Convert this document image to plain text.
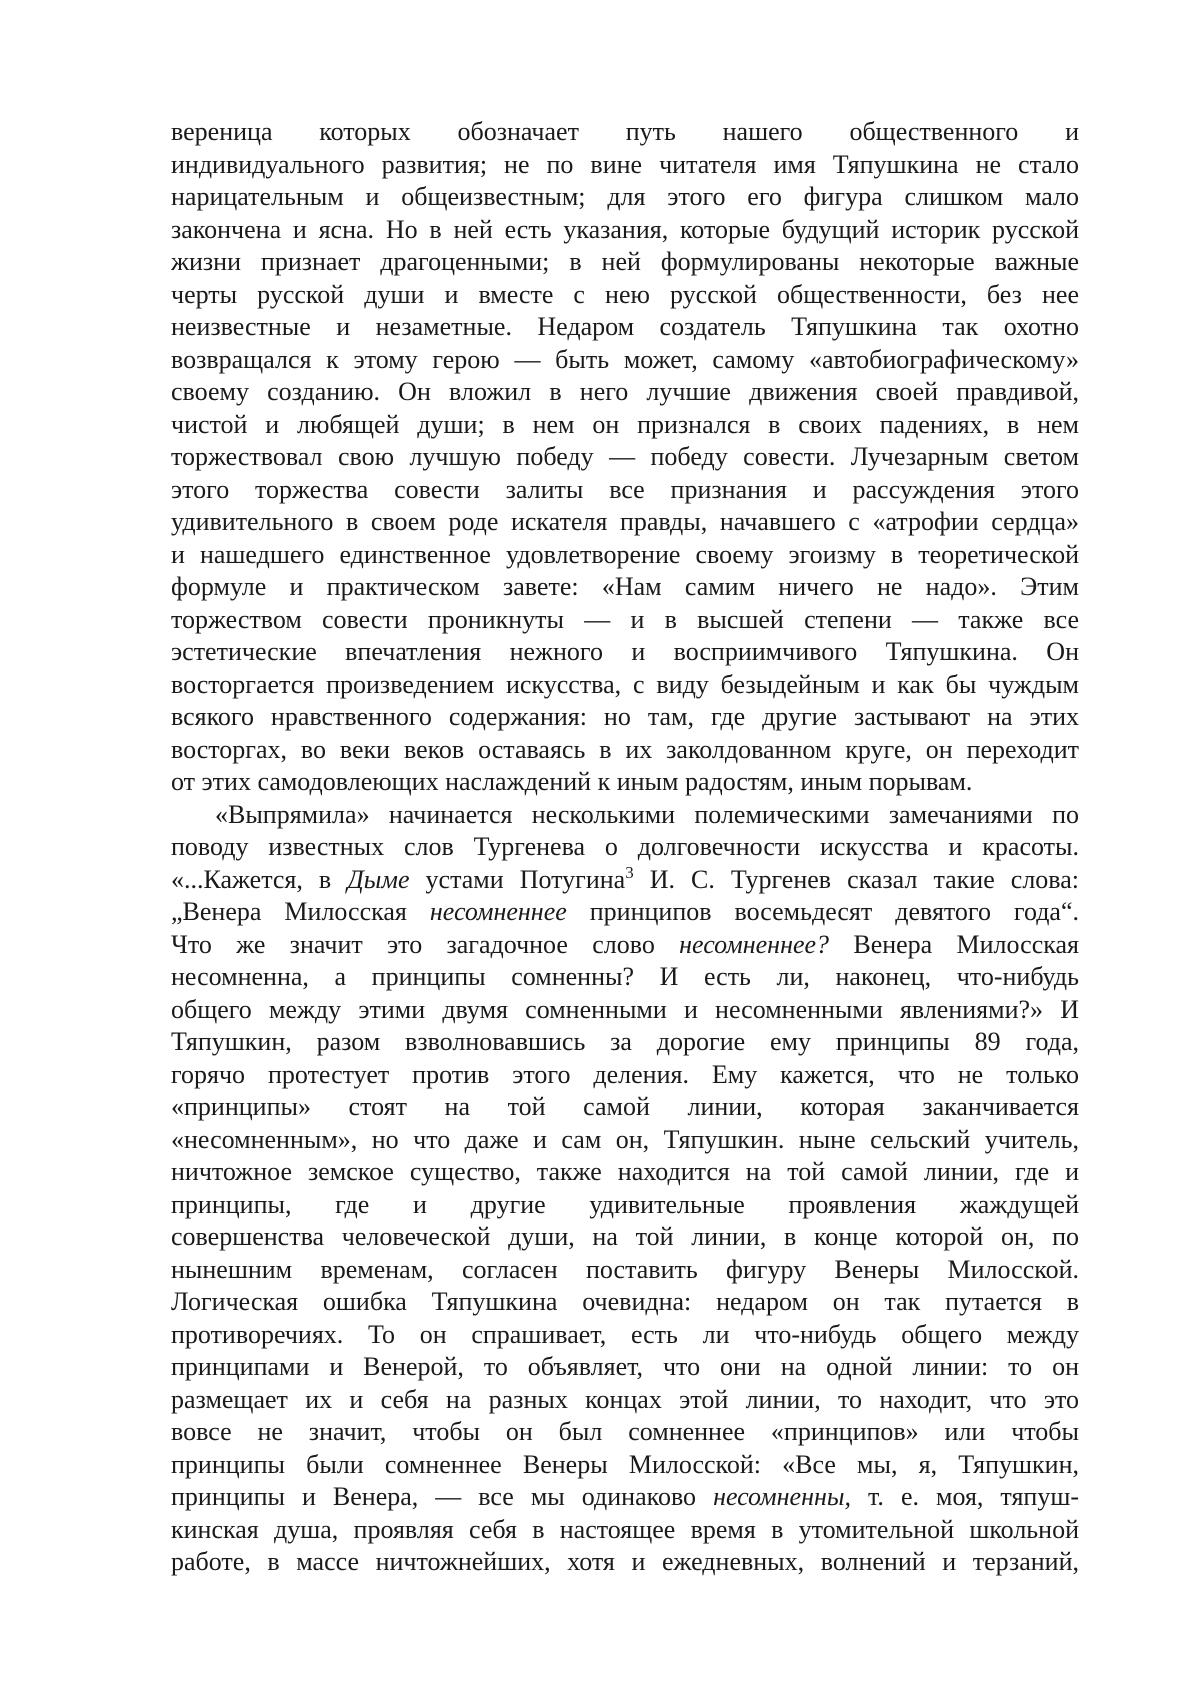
вереница которых обозначает путь нашего общественного и
индивидуального развития; не по вине читателя имя Тяпушкина не стало
нарицательным и общеизвестным; для этого его фигура слишком мало
закончена и ясна. Но в ней есть указания, которые будущий историк русской
жизни признает драгоценными; в ней формулированы некоторые важные
черты русской души и вместе с нею русской общественности, без нее
неизвестные и незаметные. Недаром создатель Тяпушкина так охотно
возвращался к этому герою — быть может, самому «автобиографическому»
своему созданию. Он вложил в него лучшие движения своей правдивой,
чистой и любящей души; в нем он признался в своих падениях, в нем
торжествовал свою лучшую победу — победу совести. Лучезарным светом
этого торжества совести залиты все признания и рассуждения этого
удивительного в своем роде искателя правды, начавшего с «атрофии сердца»
и нашедшего единственное удовлетворение своему эгоизму в теоретической
формуле и практическом завете: «Нам самим ничего не надо». Этим
торжеством совести проникнуты — и в высшей степени — также все
эстетические впечатления нежного и восприимчивого Тяпушкина. Он
восторгается произведением искусства, с виду безыдейным и как бы чуждым
всякого нравственного содержания: но там, где другие застывают на этих
восторгах, во веки веков оставаясь в их заколдованном круге, он переходит
от этих самодовлеющих наслаждений к иным радостям, иным порывам.
«Выпрямила» начинается несколькими полемическими замечаниями по
поводу известных слов Тургенева о долговечности искусства и красоты.
«...Кажется, в Дыме устами Потугина$^3$ И. С. Тургенев сказал такие слова:
„Венера Милосская несомненнее принципов восемьдесят девятого года“.
Что же значит это загадочное слово несомненнее? Венера Милосская
несомненна, а принципы сомненны? И есть ли, наконец, что-нибудь
общего между этими двумя сомненными и несомненными явлениями?» И
Тяпушкин, разом взволновавшись за дорогие ему принципы 89 года,
горячо протестует против этого деления. Ему кажется, что не только
«принципы» стоят на той самой линии, которая заканчивается
«несомненным», но что даже и сам он, Тяпушкин. ныне сельский учитель,
ничтожное земское существо, также находится на той самой линии, где и
принципы, где и другие удивительные проявления жаждущей
совершенства человеческой души, на той линии, в конце которой он, по
нынешним временам, согласен поставить фигуру Венеры Милосской.
Логическая ошибка Тяпушкина очевидна: недаром он так путается в
противоречиях. То он спрашивает, есть ли что-нибудь общего между
принципами и Венерой, то объявляет, что они на одной линии: то он
размещает их и себя на разных концах этой линии, то находит, что это
вовсе не значит, чтобы он был сомненнее «принципов» или чтобы
принципы были сомненнее Венеры Милосской: «Все мы, я, Тяпушкин,
принципы и Венера, — все мы одинаково несомненны, т. е. моя, тяпуш-
кинская душа, проявляя себя в настоящее время в утомительной школьной
работе, в массе ничтожнейших, хотя и ежедневных, волнений и терзаний,
